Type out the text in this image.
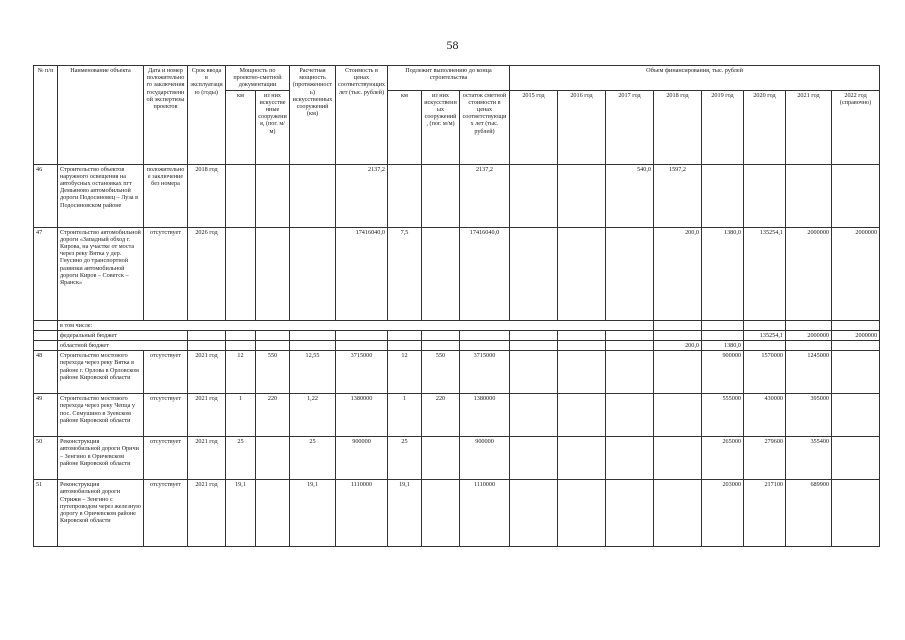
58
№ п/п	Наименование объекта	Дата и номер положительного заключения государственной экспертизы проектов	Срок ввода в эксплуатацию (годы)	Мощность по проектно-сметной документации		Расчетная мощность (протяженность) искусственных сооружений (км)	Стоимость в ценах соответствующих лет (тыс. рублей)	Подлежит выполнению до конца строительства			Объем финансирования, тыс. рублей							
				км	из них искусственные сооружения, (пог. м/м)			км	из них искусственных сооружений, (пог. м/м)	остаток сметной стоимости в ценах соответствующих лет (тыс. рублей)	2015 год	2016 год	2017 год	2018 год	2019 год	2020 год	2021 год	2022 год (справочно)
46	Строительство объектов наружного освещения на автобусных остановках пгт Демьяново автомобильной дороги Подосиновец – Луза в Подосиновском районе	положительное заключение без номера	2018 год				2137,2			2137,2			540,0	1597,2				
47	Строительство автомобильной дороги «Западный обход г. Кирова, на участке от моста через реку Вятка у дер. Гнусино до транспортной развязки автомобильной дороги Киров – Советск – Яранск»	отсутствует	2026 год				17416040,0	7,5		17416040,0				200,0	1380,0	135254,1	2000000	2000000
	в том числе:																	
	федеральный бюджет															135254,1	2000000	2000000
	областной бюджет													200,0	1380,0			
48	Строительство мостового перехода через реку Вятка в районе г. Орлова в Орловском районе Кировской области	отсутствует	2021 год	12	550	12,55	3715000	12	550	3715000					900000	1570000	1245000	
49	Строительство мостового перехода через реку Чепца у пос. Семушино в Зуевском районе Кировской области	отсутствует	2021 год	1	220	1,22	1380000	1	220	1380000					555000	430000	395000	
50	Реконструкция автомобильной дороги Оричи – Зенгино в Оричевском районе Кировской области	отсутствует	2021 год	25		25	900000	25		900000					265000	279600	355400	
51	Реконструкция автомобильной дороги Стрижи – Зенгино с путепроводом через железную дорогу в Оричевском районе Кировской области	отсутствует	2021 год	19,1		19,1	1110000	19,1		1110000					203000	217100	689900	
